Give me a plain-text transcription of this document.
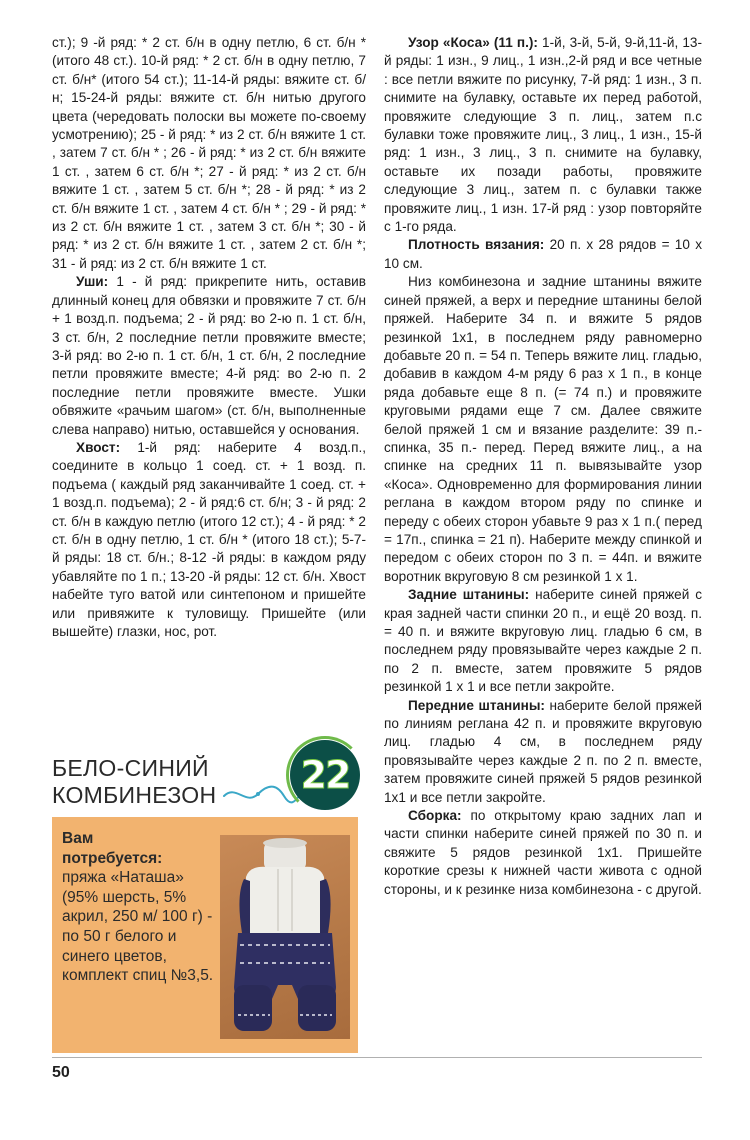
ст.); 9 -й ряд: * 2 ст. б/н в одну петлю, 6 ст. б/н * (итого 48 ст.). 10-й ряд: * 2 ст. б/н в одну петлю, 7 ст. б/н* (итого 54 ст.); 11-14-й ряды: вяжите ст. б/н; 15-24-й ряды: вяжите ст. б/н нитью другого цвета (чередовать полоски вы можете по-своему усмотрению); 25 - й ряд: * из 2 ст. б/н вяжите 1 ст. , затем 7 ст. б/н * ; 26 - й ряд: * из 2 ст. б/н вяжите 1 ст. , затем 6 ст. б/н *; 27 - й ряд: * из 2 ст. б/н вяжите 1 ст. , затем 5 ст. б/н *; 28 - й ряд: * из 2 ст. б/н вяжите 1 ст. , затем 4 ст. б/н * ; 29 - й ряд: * из 2 ст. б/н вяжите 1 ст. , затем 3 ст. б/н *; 30 - й ряд: * из 2 ст. б/н вяжите 1 ст. , затем 2 ст. б/н *; 31 - й ряд: из 2 ст. б/н вяжите 1 ст.

Уши: 1 - й ряд: прикрепите нить, оставив длинный конец для обвязки и провяжите 7 ст. б/н + 1 возд.п. подъема; 2 - й ряд: во 2-ю п. 1 ст. б/н, 3 ст. б/н, 2 последние петли провяжите вместе; 3-й ряд: во 2-ю п. 1 ст. б/н, 1 ст. б/н, 2 последние петли провяжите вместе; 4-й ряд: во 2-ю п. 2 последние петли провяжите вместе. Ушки обвяжите «рачьим шагом» (ст. б/н, выполненные слева направо) нитью, оставшейся у основания.

Хвост: 1-й ряд: наберите 4 возд.п., соедините в кольцо 1 соед. ст. + 1 возд. п. подъема ( каждый ряд заканчивайте 1 соед. ст. + 1 возд.п. подъема); 2 - й ряд:6 ст. б/н; 3 - й ряд: 2 ст. б/н в каждую петлю (итого 12 ст.); 4 - й ряд: * 2 ст. б/н в одну петлю, 1 ст. б/н * (итого 18 ст.); 5-7-й ряды: 18 ст. б/н.; 8-12 -й ряды: в каждом ряду убавляйте по 1 п.; 13-20 -й ряды: 12 ст. б/н. Хвост набейте туго ватой или синтепоном и пришейте или привяжите к туловищу. Пришейте (или вышейте) глазки, нос, рот.

БЕЛО-СИНИЙ
КОМБИНЕЗОН 22
Вам
потребуется:
пряжа «Наташа» (95% шерсть, 5% акрил, 250 м/ 100 г) - по 50 г белого и синего цветов, комплект спиц №3,5.

Узор «Коса» (11 п.): 1-й, 3-й, 5-й, 9-й,11-й, 13-й ряды: 1 изн., 9 лиц., 1 изн.,2-й ряд и все четные : все петли вяжите по рисунку, 7-й ряд: 1 изн., 3 п. снимите на булавку, оставьте их перед работой, провяжите следующие 3 п. лиц., затем п.с булавки тоже провяжите лиц., 3 лиц., 1 изн., 15-й ряд: 1 изн., 3 лиц., 3 п. снимите на булавку, оставьте их позади работы, провяжите следующие 3 лиц., затем п. с булавки также провяжите лиц., 1 изн. 17-й ряд : узор повторяйте с 1-го ряда.

Плотность вязания: 20 п. х 28 рядов = 10 х 10 см.

Низ комбинезона и задние штанины вяжите синей пряжей, а верх и передние штанины белой пряжей. Наберите 34 п. и вяжите 5 рядов резинкой 1х1, в последнем ряду равномерно добавьте 20 п. = 54 п. Теперь вяжите лиц. гладью, добавив в каждом 4-м ряду 6 раз х 1 п., в конце ряда добавьте еще 8 п. (= 74 п.) и провяжите круговыми рядами еще 7 см. Далее свяжите белой пряжей 1 см и вязание разделите: 39 п.- спинка, 35 п.- перед. Перед вяжите лиц., а на спинке на средних 11 п. вывязывайте узор «Коса». Одновременно для формирования линии реглана в каждом втором ряду по спинке и переду с обеих сторон убавьте 9 раз х 1 п.( перед = 17п., спинка = 21 п). Наберите между спинкой и передом с обеих сторон по 3 п. = 44п. и вяжите воротник вкруговую 8 см резинкой 1 х 1.

Задние штанины: наберите синей пряжей с края задней части спинки 20 п., и ещё 20 возд. п. = 40 п. и вяжите вкруговую лиц. гладью 6 см, в последнем ряду провязывайте через каждые 2 п. по 2 п. вместе, затем провяжите 5 рядов резинкой 1 х 1 и все петли закройте.

Передние штанины: наберите белой пряжей по линиям реглана 42 п. и провяжите вкруговую лиц. гладью 4 см, в последнем ряду провязывайте через каждые 2 п. по 2 п. вместе, затем провяжите синей пряжей 5 рядов резинкой 1х1 и все петли закройте.

Сборка: по открытому краю задних лап и части спинки наберите синей пряжей по 30 п. и свяжите 5 рядов резинкой 1х1. Пришейте короткие срезы к нижней части живота с одной стороны, и к резинке низа комбинезона - с другой.

50
